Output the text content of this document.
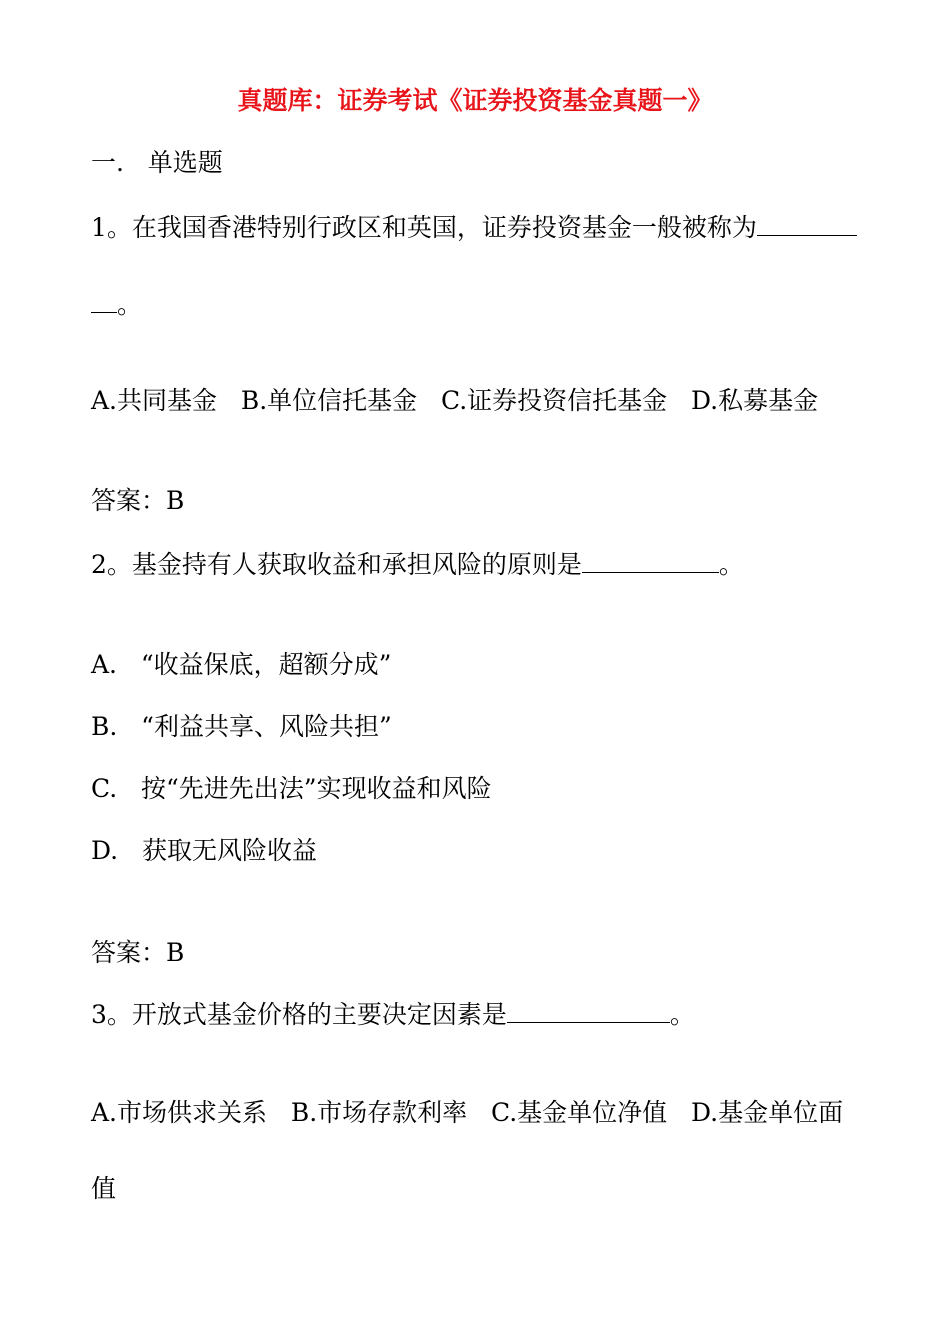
真题库：证券考试《证券投资基金真题一》
一.   单选题
1。在我国香港特别行政区和英国，证券投资基金一般被称为
。
A.共同基金   B.单位信托基金   C.证券投资信托基金   D.私募基金
答案：B
2。基金持有人获取收益和承担风险的原则是	。
A.   “收益保底，超额分成”
B.   “利益共享、风险共担”
C.   按“先进先出法”实现收益和风险
D.   获取无风险收益
答案：B
3。开放式基金价格的主要决定因素是	。
A.市场供求关系   B.市场存款利率   C.基金单位净值   D.基金单位面
值
